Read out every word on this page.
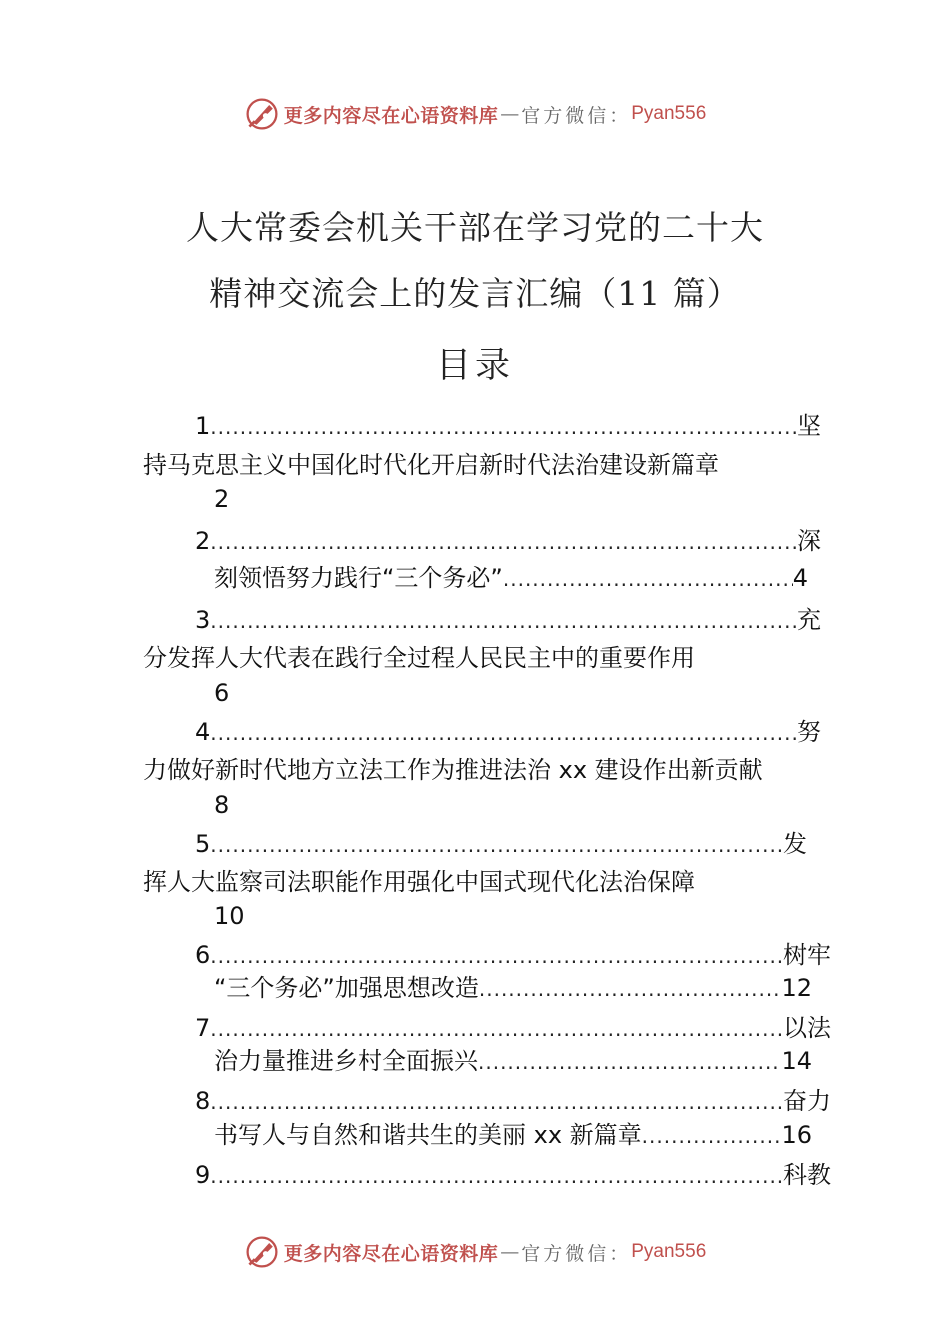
更多内容尽在心语资料库 — 官方微信： Pyan556
人大常委会机关干部在学习党的二十大
精神交流会上的发言汇编（11 篇）
目录
1 .....	坚
持马克思主义中国化时代化开启新时代法治建设新篇章
2
2 .....	深
刻领悟努力践行“三个务必” .....	4
3 .....	充
分发挥人大代表在践行全过程人民民主中的重要作用
6
4 .....	努
力做好新时代地方立法工作为推进法治 xx 建设作出新贡献
8
5 .....	发
挥人大监察司法职能作用强化中国式现代化法治保障
10
6 .....	树牢
“三个务必”加强思想改造 .....	12
7 .....	以法
治力量推进乡村全面振兴 .....	14
8 .....	奋力
书写人与自然和谐共生的美丽 xx 新篇章 .....	16
9 .....	科教
更多内容尽在心语资料库 — 官方微信： Pyan556
